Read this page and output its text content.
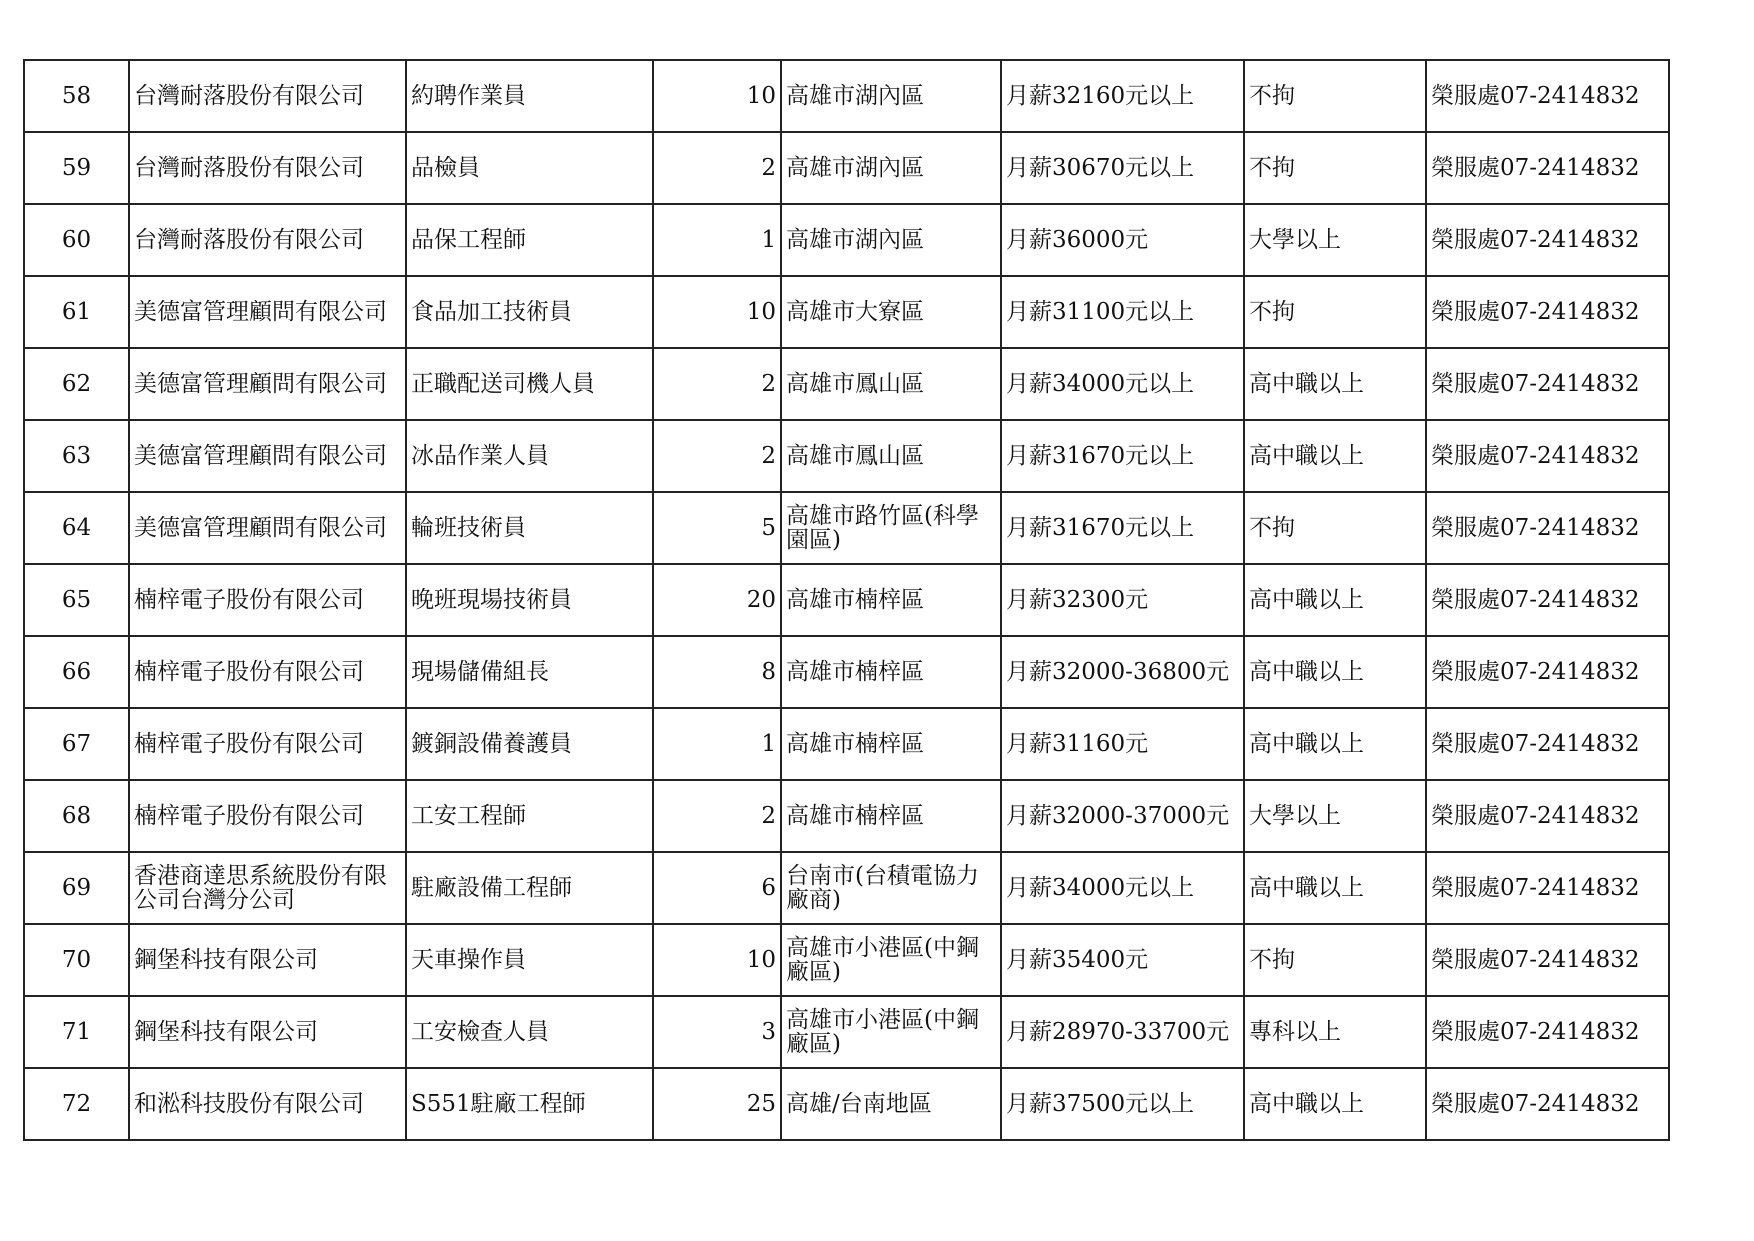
58	台灣耐落股份有限公司	約聘作業員	10	高雄市湖內區	月薪32160元以上	不拘	榮服處07-2414832
59	台灣耐落股份有限公司	品檢員	2	高雄市湖內區	月薪30670元以上	不拘	榮服處07-2414832
60	台灣耐落股份有限公司	品保工程師	1	高雄市湖內區	月薪36000元	大學以上	榮服處07-2414832
61	美德富管理顧問有限公司	食品加工技術員	10	高雄市大寮區	月薪31100元以上	不拘	榮服處07-2414832
62	美德富管理顧問有限公司	正職配送司機人員	2	高雄市鳳山區	月薪34000元以上	高中職以上	榮服處07-2414832
63	美德富管理顧問有限公司	冰品作業人員	2	高雄市鳳山區	月薪31670元以上	高中職以上	榮服處07-2414832
64	美德富管理顧問有限公司	輪班技術員	5	高雄市路竹區(科學園區)	月薪31670元以上	不拘	榮服處07-2414832
65	楠梓電子股份有限公司	晚班現場技術員	20	高雄市楠梓區	月薪32300元	高中職以上	榮服處07-2414832
66	楠梓電子股份有限公司	現場儲備組長	8	高雄市楠梓區	月薪32000-36800元	高中職以上	榮服處07-2414832
67	楠梓電子股份有限公司	鍍銅設備養護員	1	高雄市楠梓區	月薪31160元	高中職以上	榮服處07-2414832
68	楠梓電子股份有限公司	工安工程師	2	高雄市楠梓區	月薪32000-37000元	大學以上	榮服處07-2414832
69	香港商達思系統股份有限公司台灣分公司	駐廠設備工程師	6	台南市(台積電協力廠商)	月薪34000元以上	高中職以上	榮服處07-2414832
70	鋼堡科技有限公司	天車操作員	10	高雄市小港區(中鋼廠區)	月薪35400元	不拘	榮服處07-2414832
71	鋼堡科技有限公司	工安檢查人員	3	高雄市小港區(中鋼廠區)	月薪28970-33700元	專科以上	榮服處07-2414832
72	和淞科技股份有限公司	S551駐廠工程師	25	高雄/台南地區	月薪37500元以上	高中職以上	榮服處07-2414832
